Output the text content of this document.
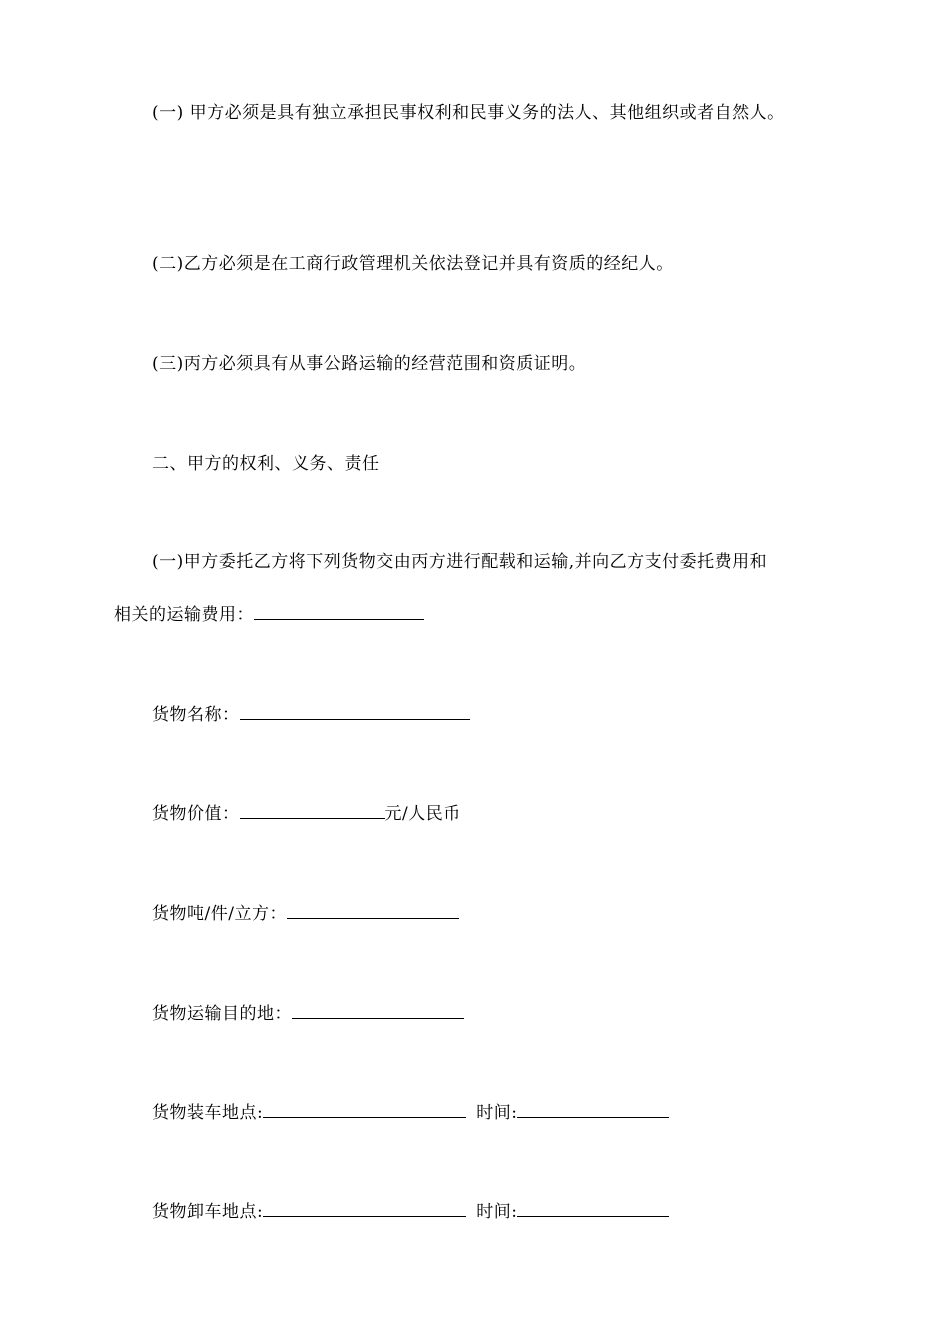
(一) 甲方必须是具有独立承担民事权利和民事义务的法人、其他组织或者自然人。
(二)乙方必须是在工商行政管理机关依法登记并具有资质的经纪人。
(三)丙方必须具有从事公路运输的经营范围和资质证明。
二、甲方的权利、义务、责任
(一)甲方委托乙方将下列货物交由丙方进行配载和运输,并向乙方支付委托费用和
相关的运输费用：
货物名称：
货物价值：	元/人民币
货物吨/件/立方：
货物运输目的地：
货物装车地点:	时间:
货物卸车地点:	时间:
